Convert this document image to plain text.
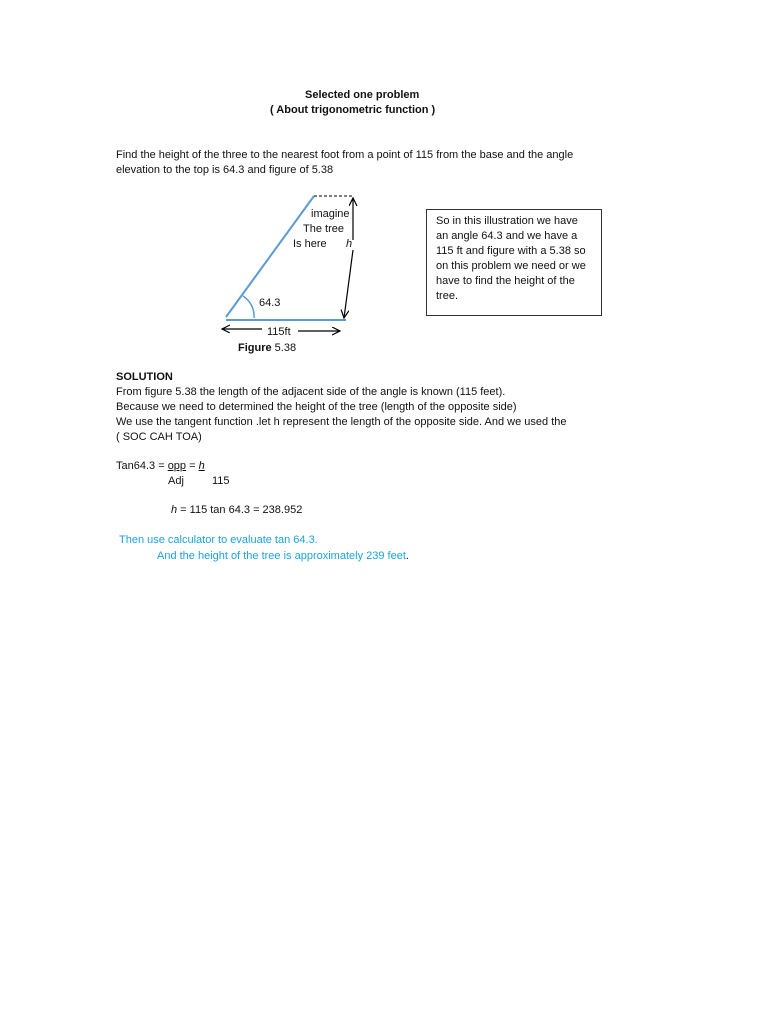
Selected one problem
( About trigonometric function )
Find the height of the three to the nearest foot from a point of 115 from the base and the angle
elevation to the top is 64.3 and figure of 5.38
imagine
The tree
Is here h
64.3
115ft
Figure 5.38

So in this illustration we have an angle 64.3 and we have a 115 ft and figure with a 5.38 so on this problem we need or we have to find the height of the tree.

SOLUTION
From figure 5.38 the length of the adjacent side of the angle is known (115 feet).
Because we need to determined the height of the tree (length of the opposite side)
We use the tangent function .let h represent the length of the opposite side. And we used the
( SOC CAH TOA)
Tan64.3 = opp = h
Adj	115
h = 115 tan 64.3 = 238.952
Then use calculator to evaluate tan 64.3.
And the height of the tree is approximately 239 feet.
